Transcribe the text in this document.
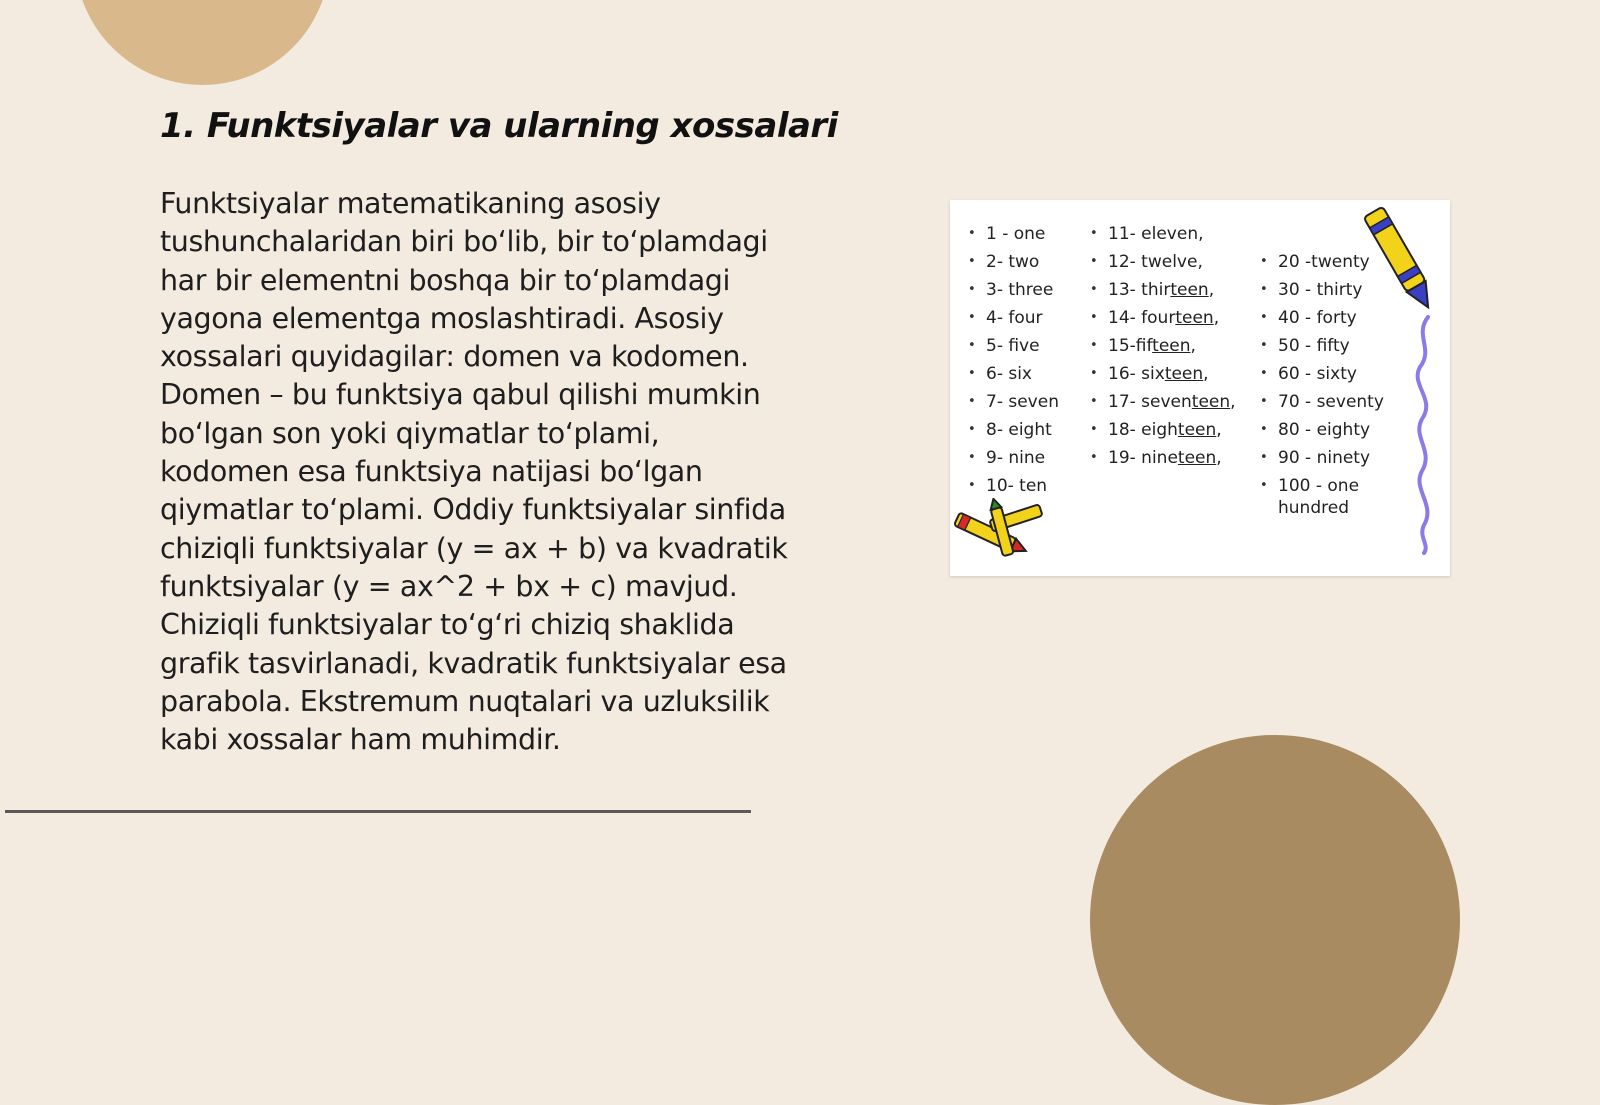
1. Funktsiyalar va ularning xossalari
Funktsiyalar matematikaning asosiy
tushunchalaridan biri bo‘lib, bir to‘plamdagi
har bir elementni boshqa bir to‘plamdagi
yagona elementga moslashtiradi. Asosiy
xossalari quyidagilar: domen va kodomen.
Domen – bu funktsiya qabul qilishi mumkin
bo‘lgan son yoki qiymatlar to‘plami,
kodomen esa funktsiya natijasi bo‘lgan
qiymatlar to‘plami. Oddiy funktsiyalar sinfida
chiziqli funktsiyalar (y = ax + b) va kvadratik
funktsiyalar (y = ax^2 + bx + c) mavjud.
Chiziqli funktsiyalar to‘g‘ri chiziq shaklida
grafik tasvirlanadi, kvadratik funktsiyalar esa
parabola. Ekstremum nuqtalari va uzluksilik
kabi xossalar ham muhimdir.
• 1 - one
• 2- two
• 3- three
• 4- four
• 5- five
• 6- six
• 7- seven
• 8- eight
• 9- nine
• 10- ten
• 11- eleven,
• 12- twelve,
• 13- thirteen,
• 14- fourteen,
• 15-fifteen,
• 16- sixteen,
• 17- seventeen,
• 18- eighteen,
• 19- nineteen,
• 20 -twenty
• 30 - thirty
• 40 - forty
• 50 - fifty
• 60 - sixty
• 70 - seventy
• 80 - eighty
• 90 - ninety
• 100 - one hundred
